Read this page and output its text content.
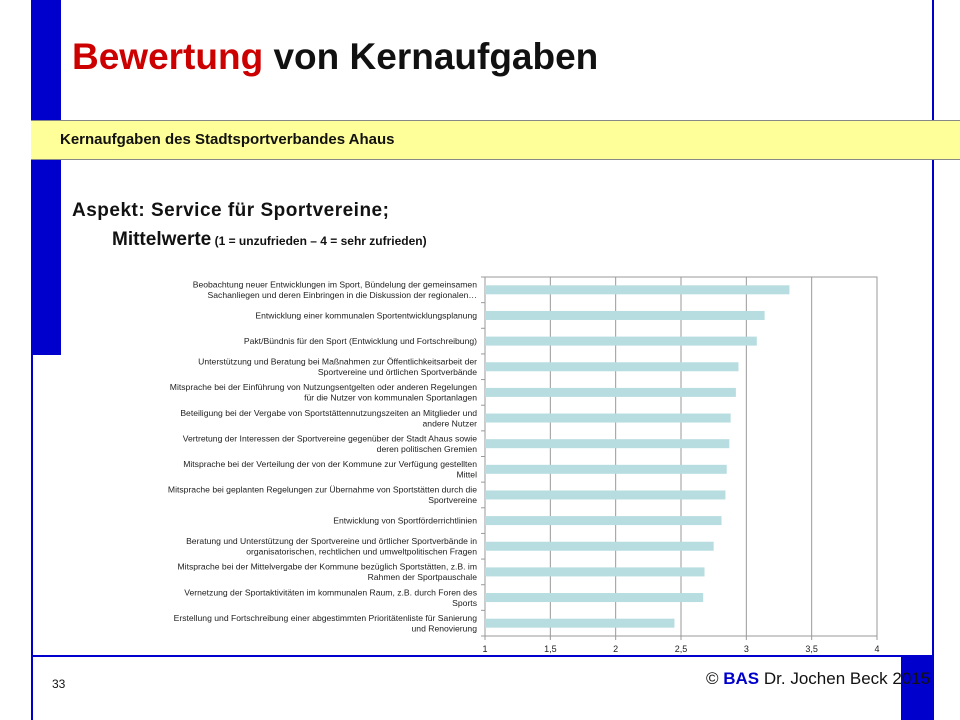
Bewertung von Kernaufgaben
Kernaufgaben des Stadtsportverbandes Ahaus
Aspekt: Service für Sportvereine;
Mittelwerte (1 = unzufrieden – 4 = sehr zufrieden)
1	1,5	2	2,5	3	3,5	4
Beobachtung neuer Entwicklungen im Sport, Bündelung der gemeinsamen Sachanliegen und deren Einbringen in die Diskussion der regionalen…
Entwicklung einer kommunalen Sportentwicklungsplanung
Pakt/Bündnis für den Sport (Entwicklung und Fortschreibung)
Unterstützung und Beratung bei Maßnahmen zur Öffentlichkeitsarbeit der Sportvereine und örtlichen Sportverbände
Mitsprache bei der Einführung von Nutzungsentgelten oder anderen Regelungen für die Nutzer von kommunalen Sportanlagen
Beteiligung bei der Vergabe von Sportstättennutzungszeiten an Mitglieder und andere Nutzer
Vertretung der Interessen der Sportvereine gegenüber der Stadt Ahaus sowie deren politischen Gremien
Mitsprache bei der Verteilung der von der Kommune zur Verfügung gestellten Mittel
Mitsprache bei geplanten Regelungen zur Übernahme von Sportstätten durch die Sportvereine
Entwicklung von Sportförderrichtlinien
Beratung und Unterstützung der Sportvereine und örtlicher Sportverbände in organisatorischen, rechtlichen und umweltpolitischen Fragen
Mitsprache bei der Mittelvergabe der Kommune bezüglich Sportstätten, z.B. im Rahmen der Sportpauschale
Vernetzung der Sportaktivitäten im kommunalen Raum, z.B. durch Foren des Sports
Erstellung und Fortschreibung einer abgestimmten Prioritätenliste für Sanierung und Renovierung
33	© BAS Dr. Jochen Beck 2015
